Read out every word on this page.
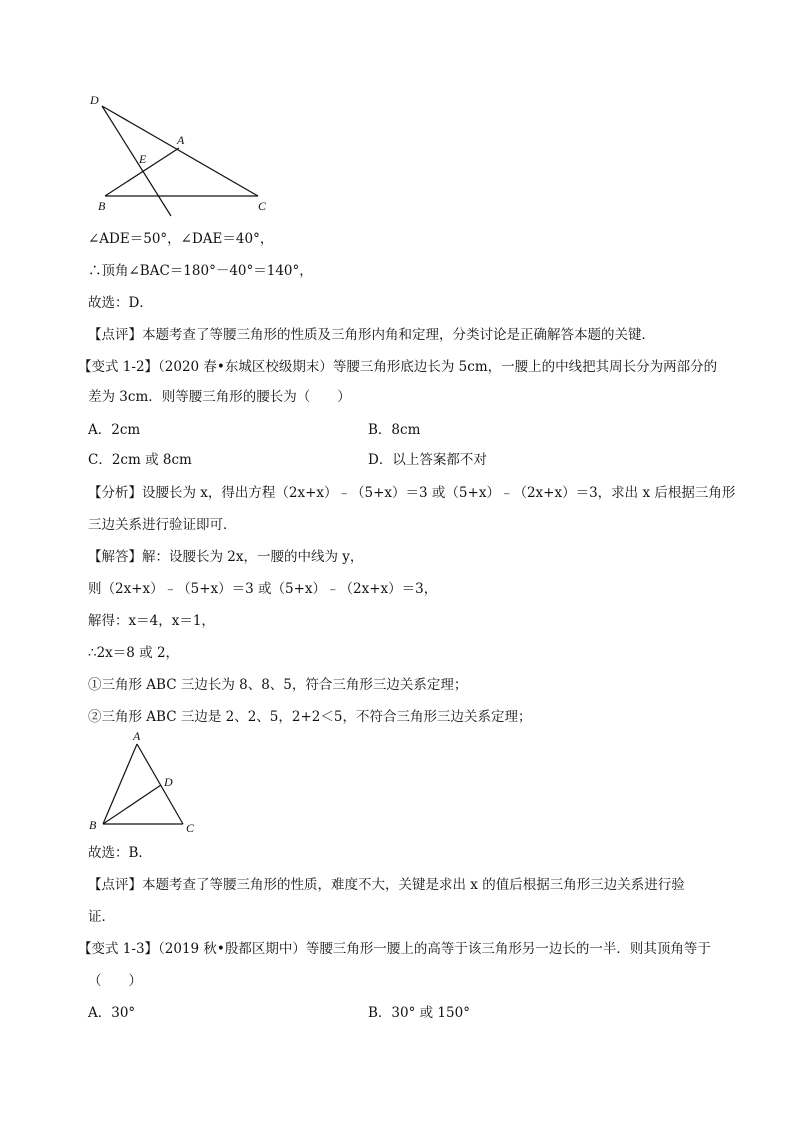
D
A
E
B	C
∠ADE＝50°，∠DAE＝40°，
∴顶角∠BAC＝180°－40°＝140°，
故选：D．
【点评】本题考查了等腰三角形的性质及三角形内角和定理，分类讨论是正确解答本题的关键．
【变式 1-2】（2020 春•东城区校级期末）等腰三角形底边长为 5cm，一腰上的中线把其周长分为两部分的
差为 3cm．则等腰三角形的腰长为（　　）
A．2cm	B．8cm
C．2cm 或 8cm	D．以上答案都不对
【分析】设腰长为 x，得出方程（2x+x）﹣（5+x）＝3 或（5+x）﹣（2x+x）＝3，求出 x 后根据三角形
三边关系进行验证即可．
【解答】解：设腰长为 2x，一腰的中线为 y，
则（2x+x）﹣（5+x）＝3 或（5+x）﹣（2x+x）＝3，
解得：x＝4，x＝1，
∴2x＝8 或 2，
①三角形 ABC 三边长为 8、8、5，符合三角形三边关系定理；
②三角形 ABC 三边是 2、2、5，2+2＜5，不符合三角形三边关系定理；
A
D
B	C
故选：B．
【点评】本题考查了等腰三角形的性质，难度不大，关键是求出 x 的值后根据三角形三边关系进行验
证．
【变式 1-3】（2019 秋•殷都区期中）等腰三角形一腰上的高等于该三角形另一边长的一半．则其顶角等于
（　　）
A．30°	B．30° 或 150°
